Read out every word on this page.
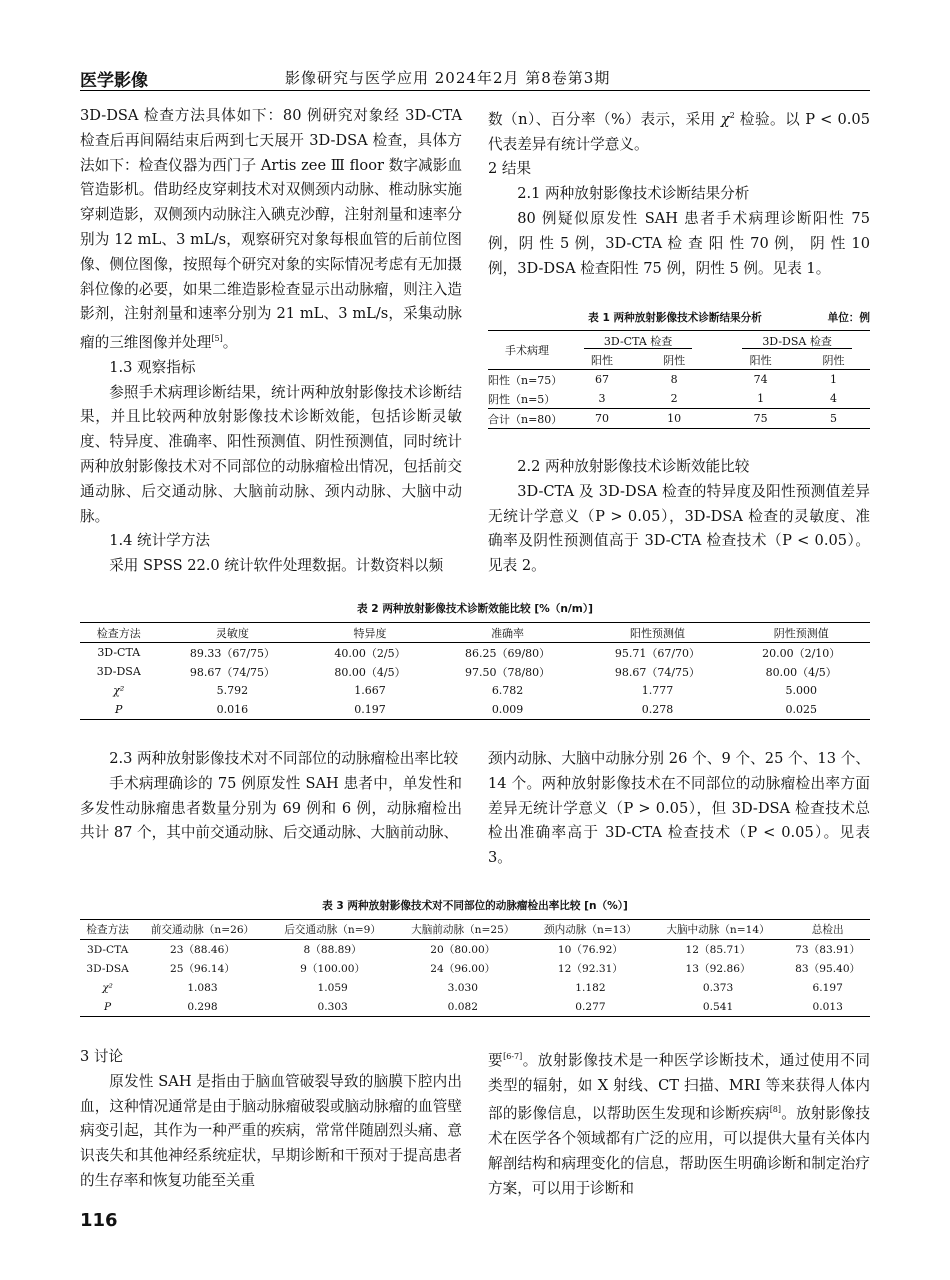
医学影像	影像研究与医学应用 2024年2月 第8卷第3期

3D-DSA 检查方法具体如下：80 例研究对象经 3D-CTA 检查后再间隔结束后两到七天展开 3D-DSA 检查，具体方法如下：检查仪器为西门子 Artis zee Ⅲ floor 数字减影血管造影机。借助经皮穿刺技术对双侧颈内动脉、椎动脉实施穿刺造影，双侧颈内动脉注入碘克沙醇，注射剂量和速率分别为 12 mL、3 mL/s，观察研究对象每根血管的后前位图像、侧位图像，按照每个研究对象的实际情况考虑有无加摄斜位像的必要，如果二维造影检查显示出动脉瘤，则注入造影剂，注射剂量和速率分别为 21 mL、3 mL/s，采集动脉瘤的三维图像并处理[5]。

1.3 观察指标

参照手术病理诊断结果，统计两种放射影像技术诊断结果，并且比较两种放射影像技术诊断效能，包括诊断灵敏度、特异度、准确率、阳性预测值、阴性预测值，同时统计两种放射影像技术对不同部位的动脉瘤检出情况，包括前交通动脉、后交通动脉、大脑前动脉、颈内动脉、大脑中动脉。

1.4 统计学方法

采用 SPSS 22.0 统计软件处理数据。计数资料以频

数（n）、百分率（%）表示，采用 $\chi^2$ 检验。以 P < 0.05 代表差异有统计学意义。

2 结果

2.1 两种放射影像技术诊断结果分析

80 例疑似原发性 SAH 患者手术病理诊断阳性 75 例，阴 性 5 例，3D-CTA 检 查 阳 性 70 例， 阴 性 10 例，3D-DSA 检查阳性 75 例，阴性 5 例。见表 1。

表 1 两种放射影像技术诊断结果分析	单位：例
手术病理	3D-CTA 检查			3D-DSA 检查	
	阳性	阴性		阳性	阴性
阳性（n=75）	67	8		74	1
阴性（n=5）	3	2		1	4
合计（n=80）	70	10		75	5

2.2 两种放射影像技术诊断效能比较

3D-CTA 及 3D-DSA 检查的特异度及阳性预测值差异无统计学意义（P > 0.05），3D-DSA 检查的灵敏度、准确率及阴性预测值高于 3D-CTA 检查技术（P < 0.05）。见表 2。

表 2 两种放射影像技术诊断效能比较 [%（n/m）]
检查方法	灵敏度	特异度	准确率	阳性预测值	阴性预测值
3D-CTA	89.33（67/75）	40.00（2/5）	86.25（69/80）	95.71（67/70）	20.00（2/10）
3D-DSA	98.67（74/75）	80.00（4/5）	97.50（78/80）	98.67（74/75）	80.00（4/5）
χ²	5.792	1.667	6.782	1.777	5.000
P	0.016	0.197	0.009	0.278	0.025

2.3 两种放射影像技术对不同部位的动脉瘤检出率比较

手术病理确诊的 75 例原发性 SAH 患者中，单发性和多发性动脉瘤患者数量分别为 69 例和 6 例，动脉瘤检出共计 87 个，其中前交通动脉、后交通动脉、大脑前动脉、

颈内动脉、大脑中动脉分别 26 个、9 个、25 个、13 个、14 个。两种放射影像技术在不同部位的动脉瘤检出率方面差异无统计学意义（P > 0.05），但 3D-DSA 检查技术总检出准确率高于 3D-CTA 检查技术（P < 0.05）。见表 3。

表 3 两种放射影像技术对不同部位的动脉瘤检出率比较 [n（%）]
检查方法	前交通动脉（n=26）	后交通动脉（n=9）	大脑前动脉（n=25）	颈内动脉（n=13）	大脑中动脉（n=14）	总检出
3D-CTA	23（88.46）	8（88.89）	20（80.00）	10（76.92）	12（85.71）	73（83.91）
3D-DSA	25（96.14）	9（100.00）	24（96.00）	12（92.31）	13（92.86）	83（95.40）
χ²	1.083	1.059	3.030	1.182	0.373	6.197
P	0.298	0.303	0.082	0.277	0.541	0.013

3 讨论

原发性 SAH 是指由于脑血管破裂导致的脑膜下腔内出血，这种情况通常是由于脑动脉瘤破裂或脑动脉瘤的血管壁病变引起，其作为一种严重的疾病，常常伴随剧烈头痛、意识丧失和其他神经系统症状，早期诊断和干预对于提高患者的生存率和恢复功能至关重

要[6-7]。放射影像技术是一种医学诊断技术，通过使用不同类型的辐射，如 X 射线、CT 扫描、MRI 等来获得人体内部的影像信息，以帮助医生发现和诊断疾病[8]。放射影像技术在医学各个领域都有广泛的应用，可以提供大量有关体内解剖结构和病理变化的信息，帮助医生明确诊断和制定治疗方案，可以用于诊断和

116
